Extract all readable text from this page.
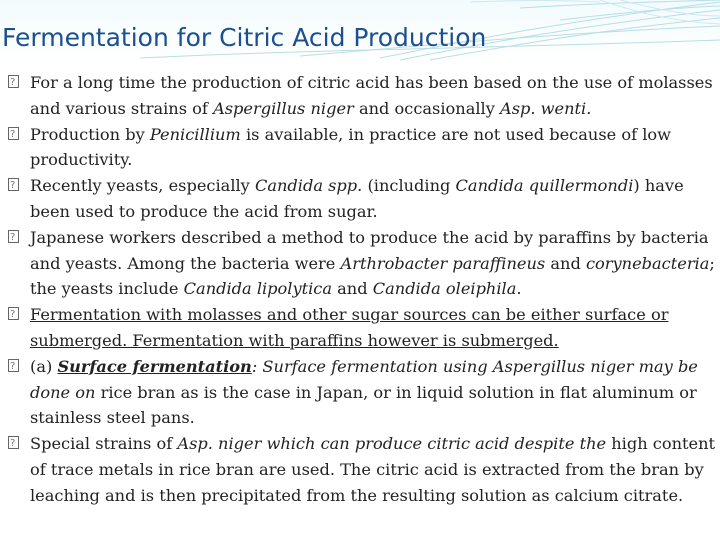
Fermentation for Citric Acid Production
?
For a long time the production of citric acid has been based on the use of molasses and various strains of Aspergillus niger and occasionally Asp. wenti.
?
Production by Penicillium is available, in practice are not used because of low productivity.
?
Recently yeasts, especially Candida spp. (including Candida quillermondi) have been used to produce the acid from sugar.
?
Japanese workers described a method to produce the acid by paraffins by bacteria and yeasts. Among the bacteria were Arthrobacter paraffineus and corynebacteria; the yeasts include Candida lipolytica and Candida oleiphila.
?
Fermentation with molasses and other sugar sources can be either surface or submerged. Fermentation with paraffins however is submerged.
?
(a) Surface fermentation: Surface fermentation using Aspergillus niger may be done on rice bran as is the case in Japan, or in liquid solution in flat aluminum or stainless steel pans.
?
Special strains of Asp. niger which can produce citric acid despite the high content of trace metals in rice bran are used. The citric acid is extracted from the bran by leaching and is then precipitated from the resulting solution as calcium citrate.
